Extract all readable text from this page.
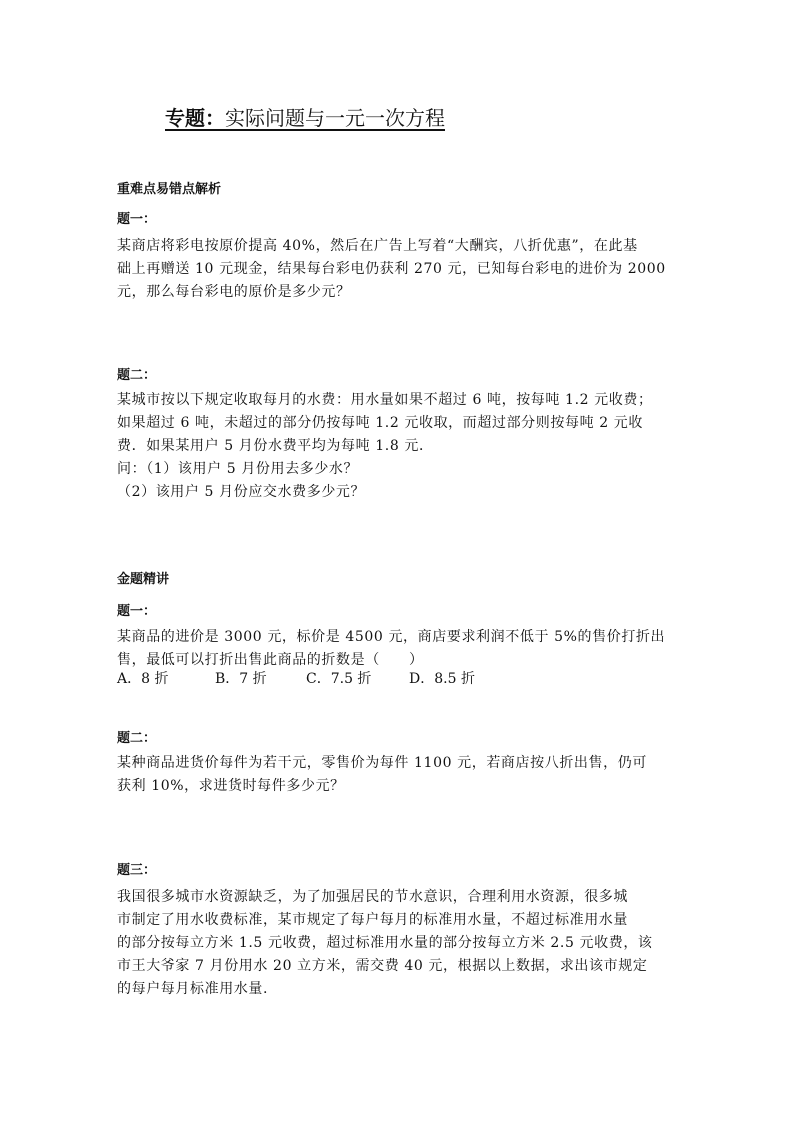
专题：实际问题与一元一次方程
重难点易错点解析
题一：
某商店将彩电按原价提高 40%，然后在广告上写着“大酬宾，八折优惠”，在此基
础上再赠送 10 元现金，结果每台彩电仍获利 270 元，已知每台彩电的进价为 2000
元，那么每台彩电的原价是多少元？
题二：
某城市按以下规定收取每月的水费：用水量如果不超过 6 吨，按每吨 1.2 元收费；
如果超过 6 吨，未超过的部分仍按每吨 1.2 元收取，而超过部分则按每吨 2 元收
费．如果某用户 5 月份水费平均为每吨 1.8 元．
问：（1）该用户 5 月份用去多少水？
（2）该用户 5 月份应交水费多少元？
金题精讲
题一：
某商品的进价是 3000 元，标价是 4500 元，商店要求利润不低于 5%的售价打折出
售，最低可以打折出售此商品的折数是（　　）
A．8 折	B．7 折	C．7.5 折	D．8.5 折
题二：
某种商品进货价每件为若干元，零售价为每件 1100 元，若商店按八折出售，仍可
获利 10%，求进货时每件多少元？
题三：
我国很多城市水资源缺乏，为了加强居民的节水意识，合理利用水资源，很多城
市制定了用水收费标准，某市规定了每户每月的标准用水量，不超过标准用水量
的部分按每立方米 1.5 元收费，超过标准用水量的部分按每立方米 2.5 元收费，该
市王大爷家 7 月份用水 20 立方米，需交费 40 元，根据以上数据，求出该市规定
的每户每月标准用水量.
